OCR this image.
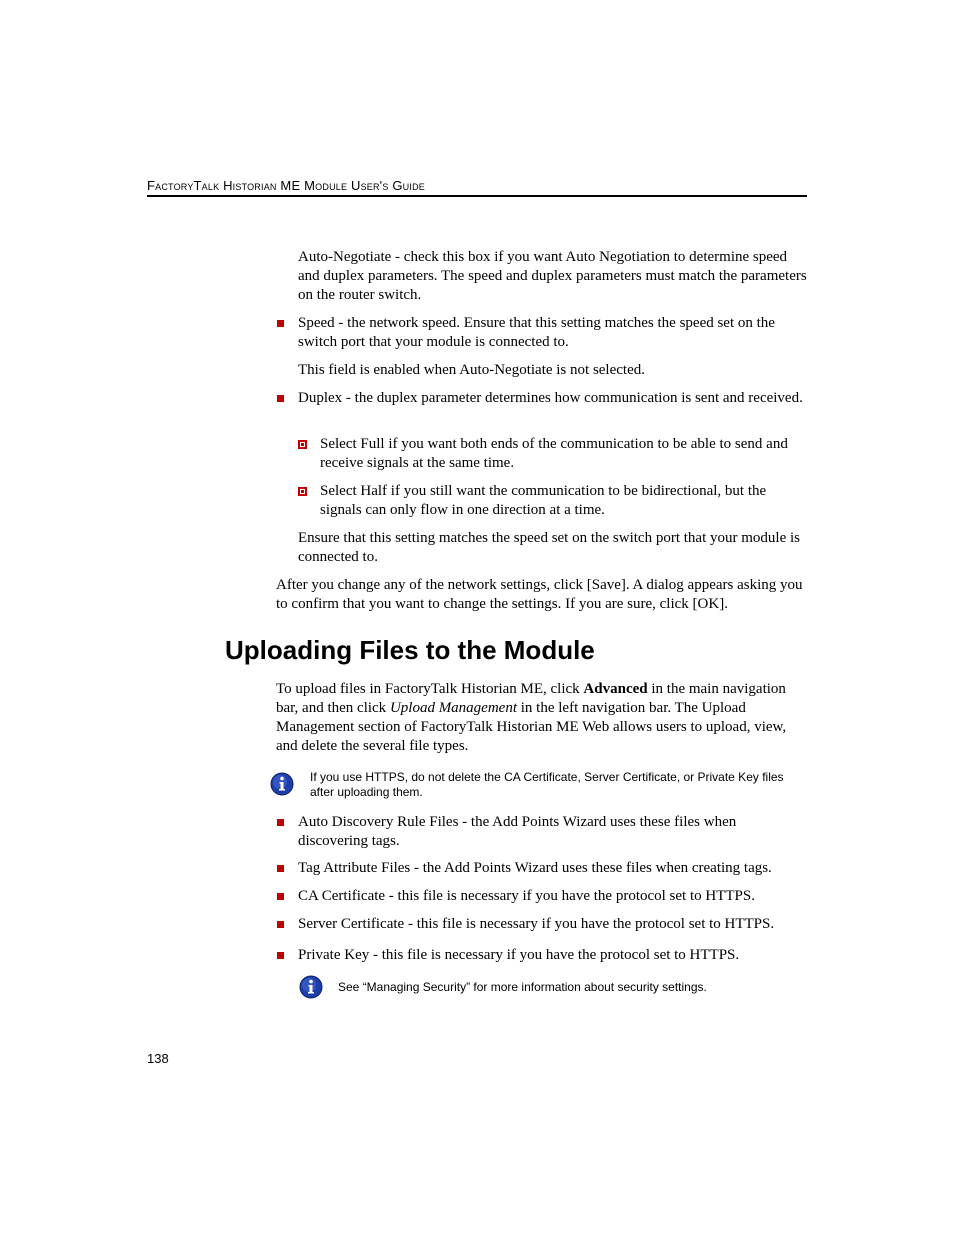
FactoryTalk Historian ME Module User's Guide
Auto-Negotiate - check this box if you want Auto Negotiation to determine speed and duplex parameters. The speed and duplex parameters must match the parameters on the router switch.
Speed - the network speed. Ensure that this setting matches the speed set on the switch port that your module is connected to.
This field is enabled when Auto-Negotiate is not selected.
Duplex - the duplex parameter determines how communication is sent and received.
Select Full if you want both ends of the communication to be able to send and receive signals at the same time.
Select Half if you still want the communication to be bidirectional, but the signals can only flow in one direction at a time.
Ensure that this setting matches the speed set on the switch port that your module is connected to.
After you change any of the network settings, click [Save]. A dialog appears asking you to confirm that you want to change the settings. If you are sure, click [OK].
Uploading Files to the Module
To upload files in FactoryTalk Historian ME, click Advanced in the main navigation bar, and then click Upload Management in the left navigation bar. The Upload Management section of FactoryTalk Historian ME Web allows users to upload, view, and delete the several file types.
If you use HTTPS, do not delete the CA Certificate, Server Certificate, or Private Key files after uploading them.
Auto Discovery Rule Files - the Add Points Wizard uses these files when discovering tags.
Tag Attribute Files - the Add Points Wizard uses these files when creating tags.
CA Certificate - this file is necessary if you have the protocol set to HTTPS.
Server Certificate - this file is necessary if you have the protocol set to HTTPS.
Private Key - this file is necessary if you have the protocol set to HTTPS.
See “Managing Security” for more information about security settings.
138
